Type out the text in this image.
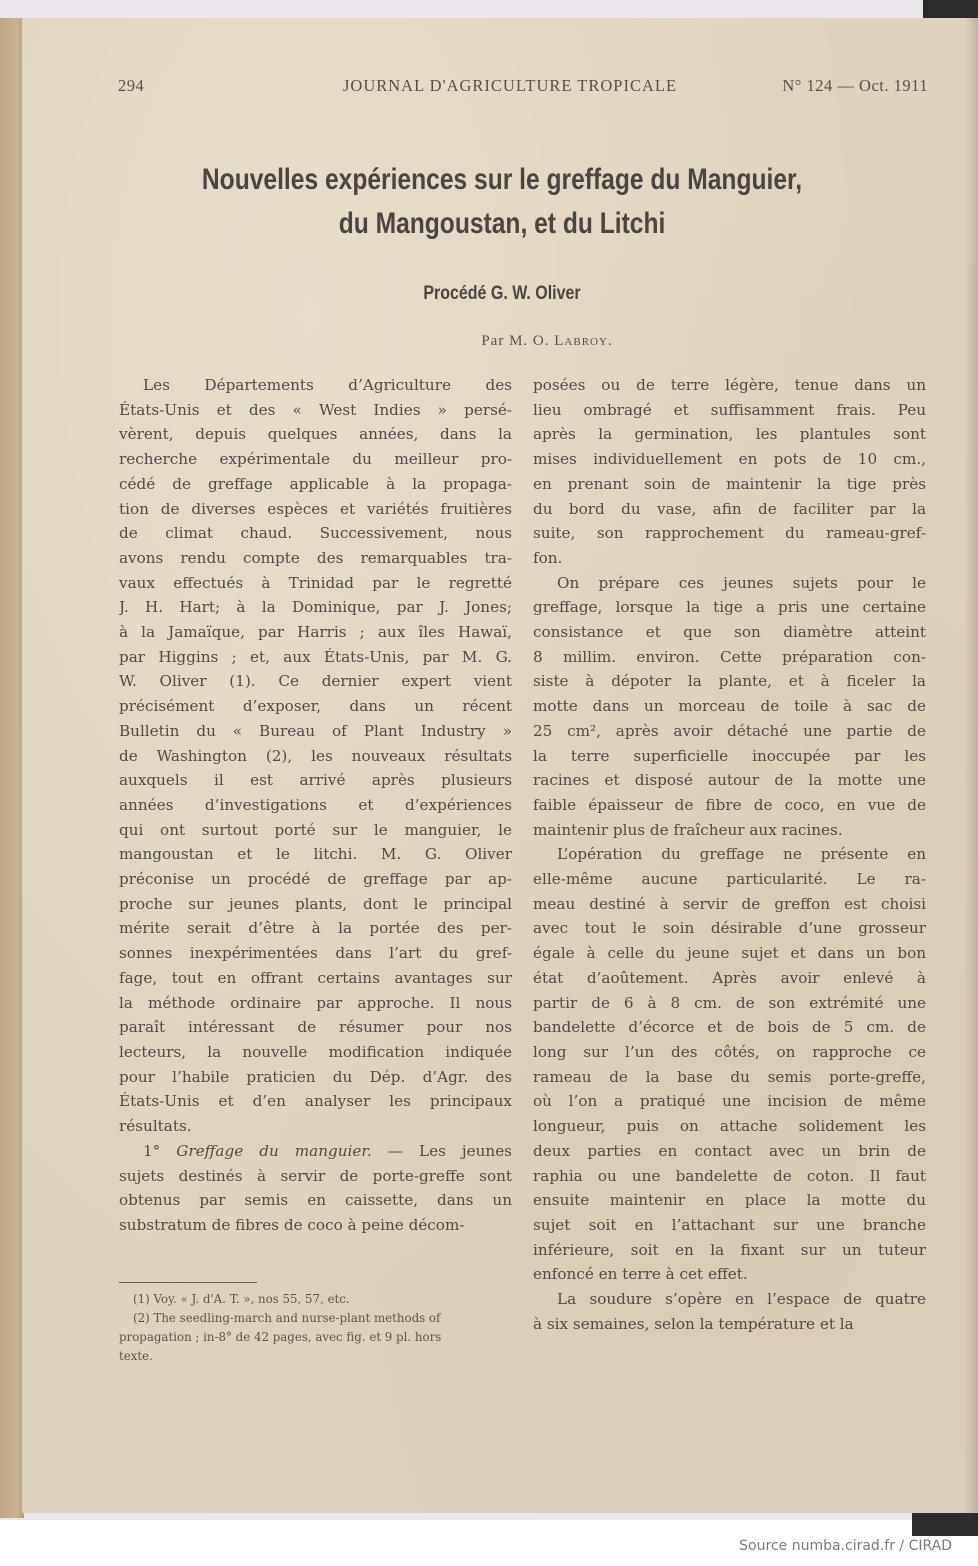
294	JOURNAL D'AGRICULTURE TROPICALE	N° 124 — Oct. 1911
Nouvelles expériences sur le greffage du Manguier,
du Mangoustan, et du Litchi
Procédé G. W. Oliver
Par M. O. Labroy.
Les Départements d’Agriculture des
États-Unis et des « West Indies » persé-
vèrent, depuis quelques années, dans la
recherche expérimentale du meilleur pro-
cédé de greffage applicable à la propaga-
tion de diverses espèces et variétés fruitières
de climat chaud. Successivement, nous
avons rendu compte des remarquables tra-
vaux effectués à Trinidad par le regretté
J. H. Hart; à la Dominique, par J. Jones;
à la Jamaïque, par Harris ; aux îles Hawaï,
par Higgins ; et, aux États-Unis, par M. G.
W. Oliver (1). Ce dernier expert vient
précisément d’exposer, dans un récent
Bulletin du « Bureau of Plant Industry »
de Washington (2), les nouveaux résultats
auxquels il est arrivé après plusieurs
années d’investigations et d’expériences
qui ont surtout porté sur le manguier, le
mangoustan et le litchi. M. G. Oliver
préconise un procédé de greffage par ap-
proche sur jeunes plants, dont le principal
mérite serait d’être à la portée des per-
sonnes inexpérimentées dans l’art du gref-
fage, tout en offrant certains avantages sur
la méthode ordinaire par approche. Il nous
paraît intéressant de résumer pour nos
lecteurs, la nouvelle modification indiquée
pour l’habile praticien du Dép. d’Agr. des
États-Unis et d’en analyser les principaux
résultats.
1° Greffage du manguier. — Les jeunes
sujets destinés à servir de porte-greffe sont
obtenus par semis en caissette, dans un
substratum de fibres de coco à peine décom-
posées ou de terre légère, tenue dans un
lieu ombragé et suffisamment frais. Peu
après la germination, les plantules sont
mises individuellement en pots de 10 cm.,
en prenant soin de maintenir la tige près
du bord du vase, afin de faciliter par la
suite, son rapprochement du rameau-gref-
fon.
On prépare ces jeunes sujets pour le
greffage, lorsque la tige a pris une certaine
consistance et que son diamètre atteint
8 millim. environ. Cette préparation con-
siste à dépoter la plante, et à ficeler la
motte dans un morceau de toile à sac de
25 cm², après avoir détaché une partie de
la terre superficielle inoccupée par les
racines et disposé autour de la motte une
faible épaisseur de fibre de coco, en vue de
maintenir plus de fraîcheur aux racines.
L’opération du greffage ne présente en
elle-même aucune particularité. Le ra-
meau destiné à servir de greffon est choisi
avec tout le soin désirable d’une grosseur
égale à celle du jeune sujet et dans un bon
état d’aoûtement. Après avoir enlevé à
partir de 6 à 8 cm. de son extrémité une
bandelette d’écorce et de bois de 5 cm. de
long sur l’un des côtés, on rapproche ce
rameau de la base du semis porte-greffe,
où l’on a pratiqué une incision de même
longueur, puis on attache solidement les
deux parties en contact avec un brin de
raphia ou une bandelette de coton. Il faut
ensuite maintenir en place la motte du
sujet soit en l’attachant sur une branche
inférieure, soit en la fixant sur un tuteur
enfoncé en terre à cet effet.
La soudure s’opère en l’espace de quatre
à six semaines, selon la température et la
(1) Voy. « J. d'A. T. », nos 55, 57, etc.
(2) The seedling-march and nurse-plant methods of
propagation ; in-8° de 42 pages, avec fig. et 9 pl. hors
texte.
Source numba.cirad.fr / CIRAD
